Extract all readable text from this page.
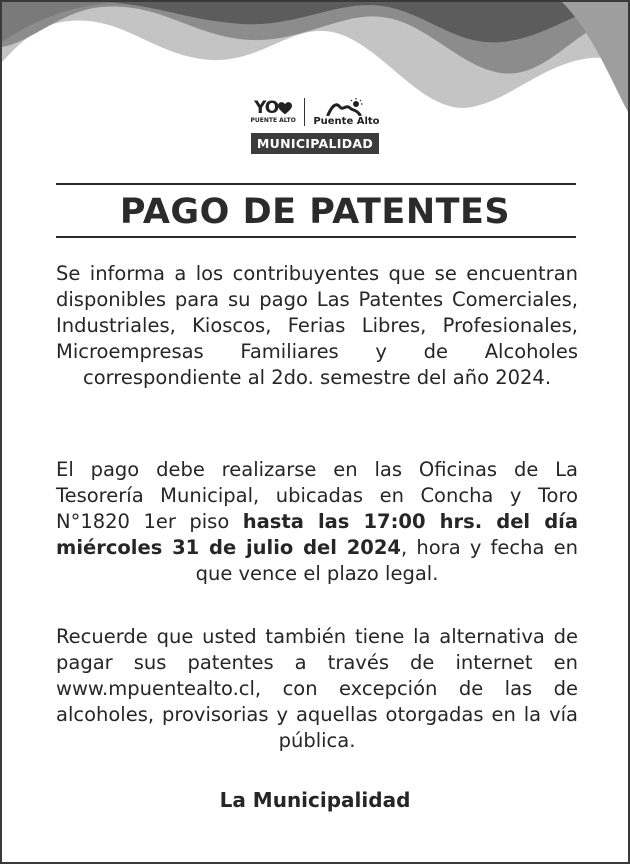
YO
PUENTE ALTO Puente Alto
MUNICIPALIDAD
PAGO DE PATENTES

Se informa a los contribuyentes que se encuentran disponibles para su pago Las Patentes Comerciales, Industriales, Kioscos, Ferias Libres, Profesionales, Microempresas Familiares y de Alcoholes correspondiente al 2do. semestre del año 2024.

El pago debe realizarse en las Oficinas de La Tesorería Municipal, ubicadas en Concha y Toro N°1820 1er piso hasta las 17:00 hrs. del día miércoles 31 de julio del 2024, hora y fecha en que vence el plazo legal.

Recuerde que usted también tiene la alternativa de pagar sus patentes a través de internet en www.mpuentealto.cl, con excepción de las de alcoholes, provisorias y aquellas otorgadas en la vía pública.

La Municipalidad
